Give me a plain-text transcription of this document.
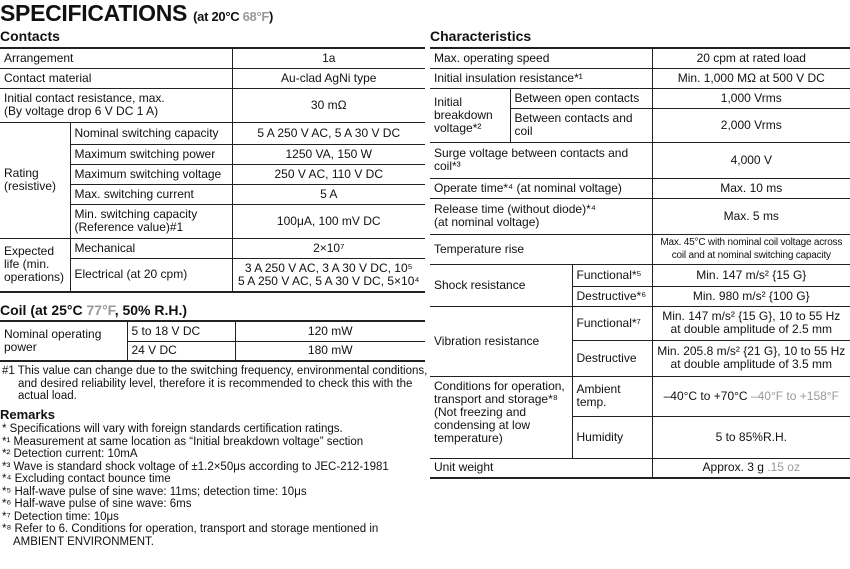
SPECIFICATIONS (at 20°C 68°F)
Contacts
Arrangement		1a
Contact material		Au-clad AgNi type
Initial contact resistance, max.
(By voltage drop 6 V DC 1 A)		30 mΩ
Rating
(resistive)	Nominal switching capacity	5 A 250 V AC, 5 A 30 V DC
	Maximum switching power	1250 VA, 150 W
	Maximum switching voltage	250 V AC, 110 V DC
	Max. switching current	5 A
	Min. switching capacity
(Reference value)#1	100μA, 100 mV DC
Expected
life (min.
operations)	Mechanical	2×10⁷
	Electrical (at 20 cpm)	3 A 250 V AC, 3 A 30 V DC, 10⁵
5 A 250 V AC, 5 A 30 V DC, 5×10⁴
Coil (at 25°C 77°F, 50% R.H.)
Nominal operating
power	5 to 18 V DC	120 mW
	24 V DC	180 mW
#1 This value can change due to the switching frequency, environmental conditions,
and desired reliability level, therefore it is recommended to check this with the
actual load.
Remarks
* Specifications will vary with foreign standards certification ratings.
*¹ Measurement at same location as “Initial breakdown voltage” section
*² Detection current: 10mA
*³ Wave is standard shock voltage of ±1.2×50μs according to JEC-212-1981
*⁴ Excluding contact bounce time
*⁵ Half-wave pulse of sine wave: 11ms; detection time: 10μs
*⁶ Half-wave pulse of sine wave: 6ms
*⁷ Detection time: 10μs
*⁸ Refer to 6. Conditions for operation, transport and storage mentioned in
AMBIENT ENVIRONMENT.
Characteristics
Max. operating speed			20 cpm at rated load
Initial insulation resistance*¹			Min. 1,000 MΩ at 500 V DC
Initial
breakdown
voltage*²	Between open contacts		1,000 Vrms
	Between contacts and coil		2,000 Vrms
Surge voltage between contacts and coil*³			4,000 V
Operate time*⁴ (at nominal voltage)			Max. 10 ms
Release time (without diode)*⁴
(at nominal voltage)			Max. 5 ms
Temperature rise			Max. 45°C with nominal coil voltage across
coil and at nominal switching capacity
Shock resistance		Functional*⁵	Min. 147 m/s² {15 G}
		Destructive*⁶	Min. 980 m/s² {100 G}
Vibration resistance		Functional*⁷	Min. 147 m/s² {15 G}, 10 to 55 Hz
at double amplitude of 2.5 mm
		Destructive	Min. 205.8 m/s² {21 G}, 10 to 55 Hz
at double amplitude of 3.5 mm
Conditions for operation,
transport and storage*⁸
(Not freezing and
condensing at low
temperature)		Ambient
temp.	–40°C to +70°C –40°F to +158°F
		Humidity	5 to 85%R.H.
Unit weight			Approx. 3 g .15 oz
